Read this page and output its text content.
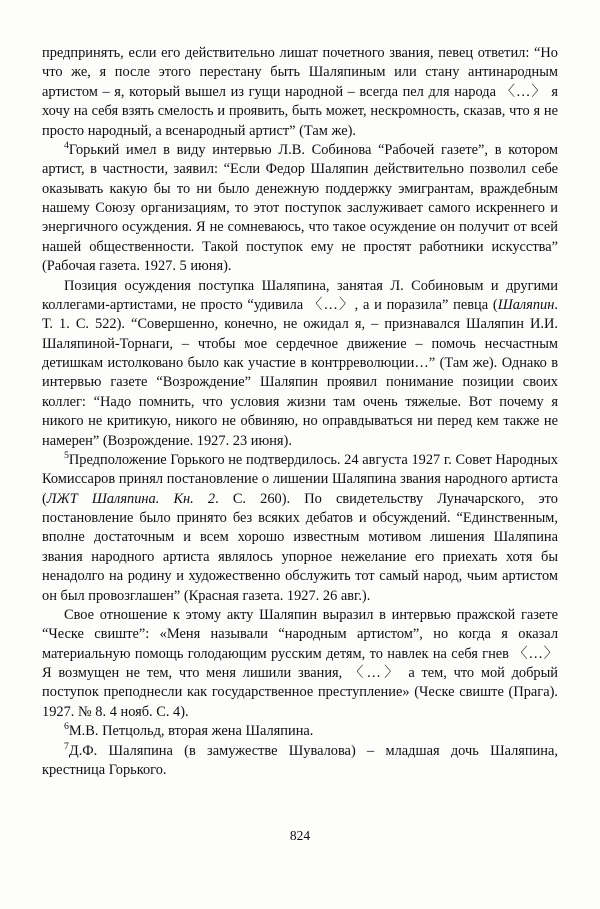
предпринять, если его действительно лишат почетного звания, певец ответил: “Но что же, я после этого перестану быть Шаляпиным или стану антинародным артистом – я, который вышел из гущи народной – всегда пел для народа 〈…〉 я хочу на себя взять смелость и проявить, быть может, нескромность, сказав, что я не просто народный, а всенародный артист” (Там же).

$^4$Горький имел в виду интервью Л.В. Собинова “Рабочей газете”, в котором артист, в частности, заявил: “Если Федор Шаляпин действительно позволил себе оказывать какую бы то ни было денежную поддержку эмигрантам, враждебным нашему Союзу организациям, то этот поступок заслуживает самого искреннего и энергичного осуждения. Я не сомневаюсь, что такое осуждение он получит от всей нашей общественности. Такой поступок ему не простят работники искусства” (Рабочая газета. 1927. 5 июня).

Позиция осуждения поступка Шаляпина, занятая Л. Собиновым и другими коллегами-артистами, не просто “удивила 〈…〉, а и поразила” певца (Шаляпин. Т. 1. С. 522). “Совершенно, конечно, не ожидал я, – признавался Шаляпин И.И. Шаляпиной-Торнаги, – чтобы мое сердечное движение – помочь несчастным детишкам истолковано было как участие в контрреволюции…” (Там же). Однако в интервью газете “Возрождение” Шаляпин проявил понимание позиции своих коллег: “Надо помнить, что условия жизни там очень тяжелые. Вот почему я никого не критикую, никого не обвиняю, но оправдываться ни перед кем также не намерен” (Возрождение. 1927. 23 июня).

$^5$Предположение Горького не подтвердилось. 24 августа 1927 г. Совет Народных Комиссаров принял постановление о лишении Шаляпина звания народного артиста (ЛЖТ Шаляпина. Кн. 2. С. 260). По свидетельству Луначарского, это постановление было принято без всяких дебатов и обсуждений. “Единственным, вполне достаточным и всем хорошо известным мотивом лишения Шаляпина звания народного артиста являлось упорное нежелание его приехать хотя бы ненадолго на родину и художественно обслужить тот самый народ, чьим артистом он был провозглашен” (Красная газета. 1927. 26 авг.).

Свое отношение к этому акту Шаляпин выразил в интервью пражской газете “Ческе свиште”: «Меня называли “народным артистом”, но когда я оказал материальную помощь голодающим русским детям, то навлек на себя гнев 〈…〉 Я возмущен не тем, что меня лишили звания, 〈…〉 а тем, что мой добрый поступок преподнесли как государственное преступление» (Ческе свиште (Прага). 1927. № 8. 4 нояб. С. 4).

$^6$М.В. Петцольд, вторая жена Шаляпина.

$^7$Д.Ф. Шаляпина (в замужестве Шувалова) – младшая дочь Шаляпина, крестница Горького.

824
